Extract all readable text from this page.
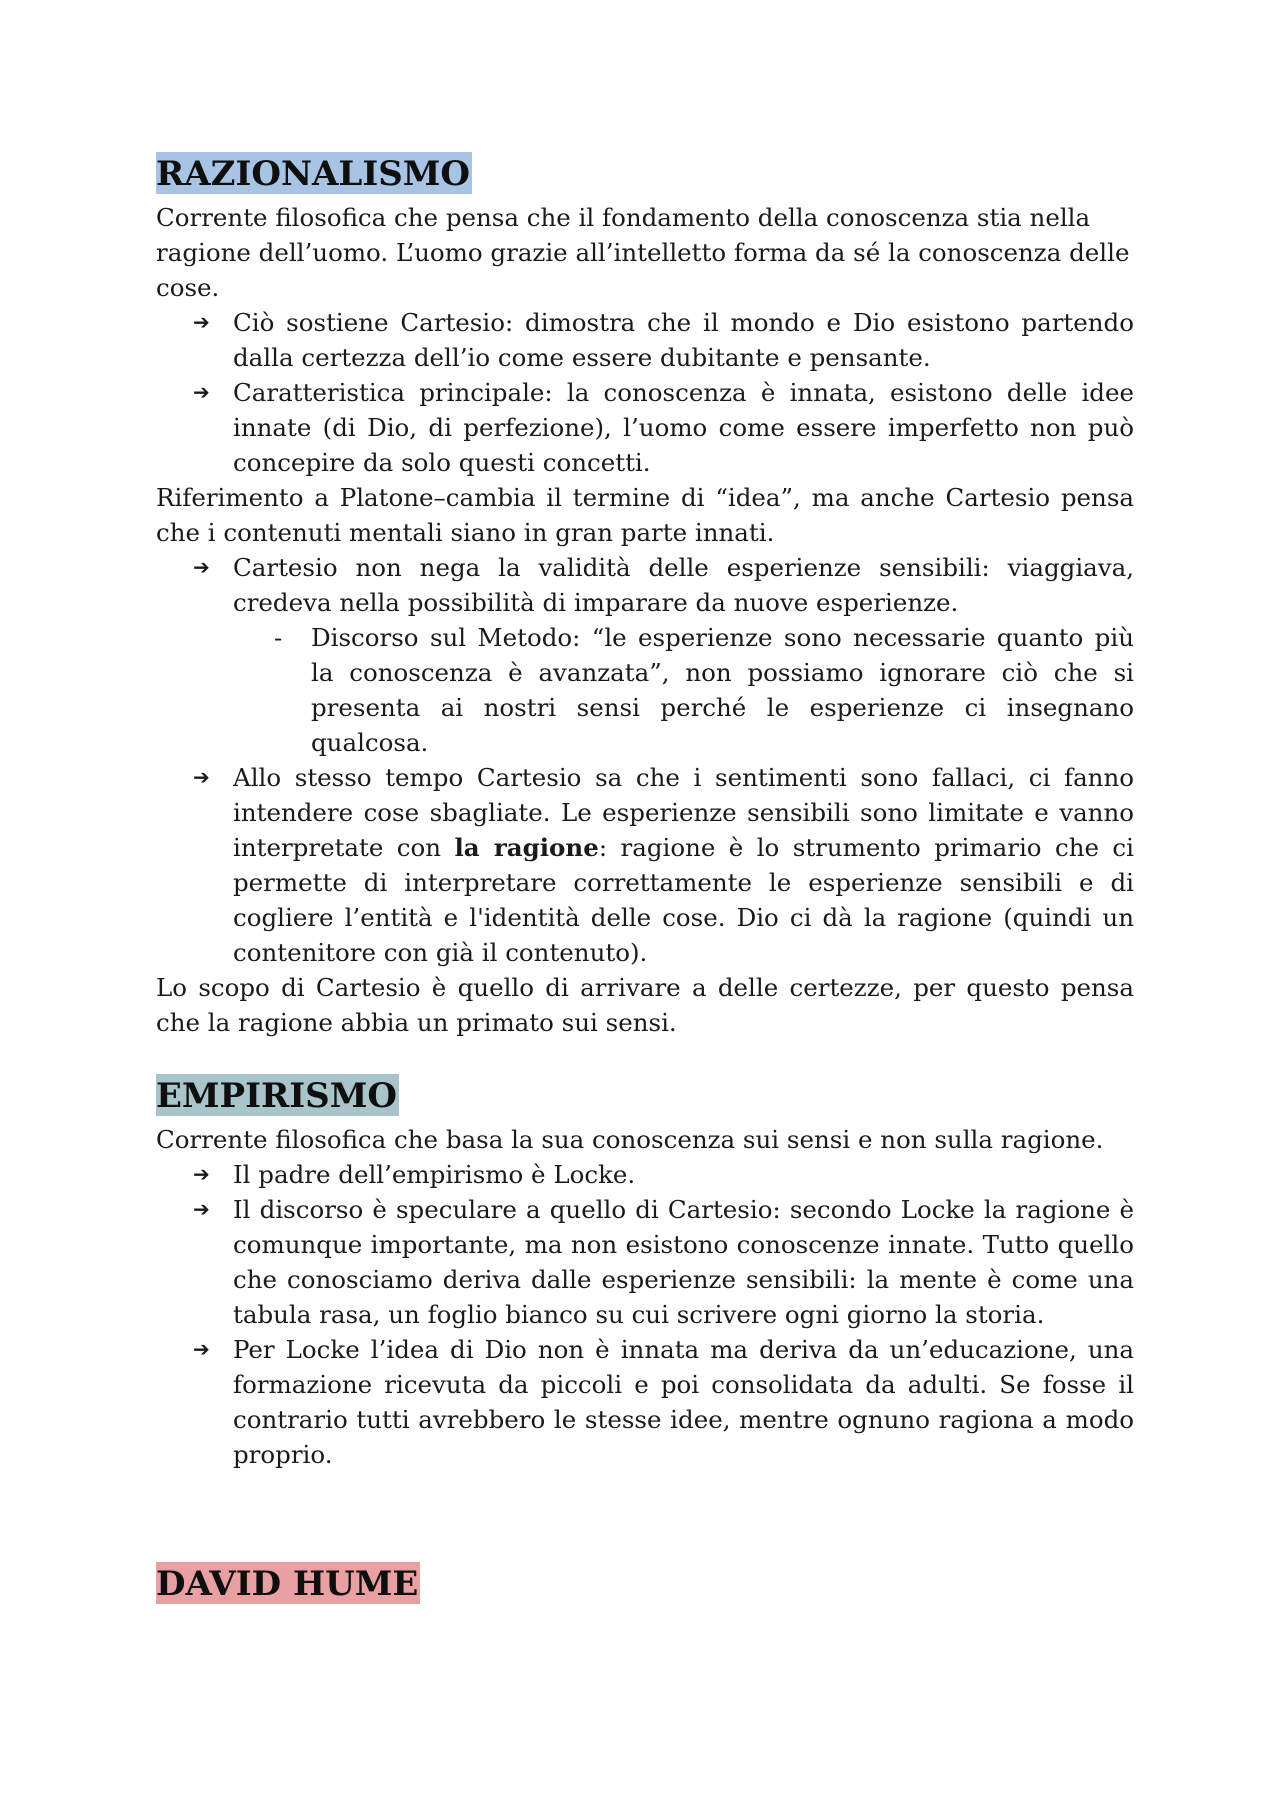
RAZIONALISMO

Corrente filosofica che pensa che il fondamento della conoscenza stia nella ragione dell’uomo. L’uomo grazie all’intelletto forma da sé la conoscenza delle cose.

➔ Ciò sostiene Cartesio: dimostra che il mondo e Dio esistono partendo dalla certezza dell’io come essere dubitante e pensante.
➔ Caratteristica principale: la conoscenza è innata, esistono delle idee innate (di Dio, di perfezione), l’uomo come essere imperfetto non può concepire da solo questi concetti.

Riferimento a Platone–cambia il termine di “idea”, ma anche Cartesio pensa che i contenuti mentali siano in gran parte innati.

➔ Cartesio non nega la validità delle esperienze sensibili: viaggiava, credeva nella possibilità di imparare da nuove esperienze.
- Discorso sul Metodo: “le esperienze sono necessarie quanto più la conoscenza è avanzata”, non possiamo ignorare ciò che si presenta ai nostri sensi perché le esperienze ci insegnano qualcosa.
➔ Allo stesso tempo Cartesio sa che i sentimenti sono fallaci, ci fanno intendere cose sbagliate. Le esperienze sensibili sono limitate e vanno interpretate con la ragione: ragione è lo strumento primario che ci permette di interpretare correttamente le esperienze sensibili e di cogliere l’entità e l'identità delle cose. Dio ci dà la ragione (quindi un contenitore con già il contenuto).

Lo scopo di Cartesio è quello di arrivare a delle certezze, per questo pensa che la ragione abbia un primato sui sensi.

EMPIRISMO

Corrente filosofica che basa la sua conoscenza sui sensi e non sulla ragione.

➔ Il padre dell’empirismo è Locke.
➔ Il discorso è speculare a quello di Cartesio: secondo Locke la ragione è comunque importante, ma non esistono conoscenze innate. Tutto quello che conosciamo deriva dalle esperienze sensibili: la mente è come una tabula rasa, un foglio bianco su cui scrivere ogni giorno la storia.
➔ Per Locke l’idea di Dio non è innata ma deriva da un’educazione, una formazione ricevuta da piccoli e poi consolidata da adulti. Se fosse il contrario tutti avrebbero le stesse idee, mentre ognuno ragiona a modo proprio.
DAVID HUME
